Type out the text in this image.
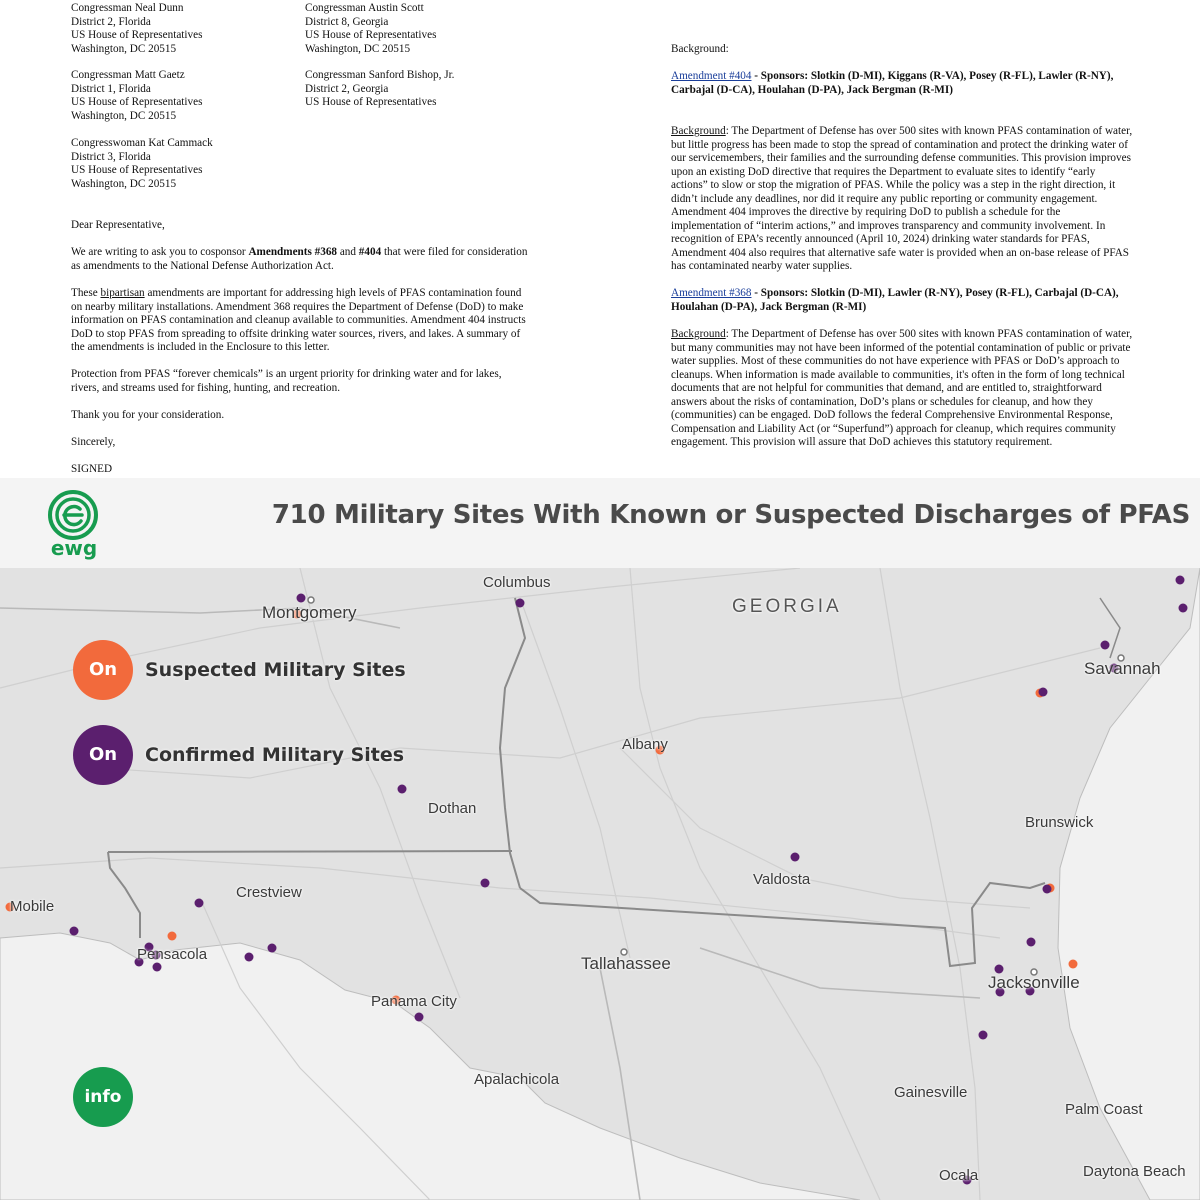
Congressman Neal Dunn
District 2, Florida
US House of Representatives
Washington, DC 20515
Congressman Matt Gaetz
District 1, Florida
US House of Representatives
Washington, DC 20515
Congresswoman Kat Cammack
District 3, Florida
US House of Representatives
Washington, DC 20515
Congressman Austin Scott
District 8, Georgia
US House of Representatives
Washington, DC 20515
Congressman Sanford Bishop, Jr.
District 2, Georgia
US House of Representatives
Dear Representative,
We are writing to ask you to cosponsor Amendments #368 and #404 that were filed for consideration as amendments to the National Defense Authorization Act.
These bipartisan amendments are important for addressing high levels of PFAS contamination found on nearby military installations. Amendment 368 requires the Department of Defense (DoD) to make information on PFAS contamination and cleanup available to communities. Amendment 404 instructs DoD to stop PFAS from spreading to offsite drinking water sources, rivers, and lakes. A summary of the amendments is included in the Enclosure to this letter.
Protection from PFAS “forever chemicals” is an urgent priority for drinking water and for lakes, rivers, and streams used for fishing, hunting, and recreation.
Thank you for your consideration.
Sincerely,
SIGNED
Background:
Amendment #404 - Sponsors: Slotkin (D-MI), Kiggans (R-VA), Posey (R-FL), Lawler (R-NY), Carbajal (D-CA), Houlahan (D-PA), Jack Bergman (R-MI)
Background: The Department of Defense has over 500 sites with known PFAS contamination of water, but little progress has been made to stop the spread of contamination and protect the drinking water of our servicemembers, their families and the surrounding defense communities. This provision improves upon an existing DoD directive that requires the Department to evaluate sites to identify “early actions” to slow or stop the migration of PFAS. While the policy was a step in the right direction, it didn’t include any deadlines, nor did it require any public reporting or community engagement. Amendment 404 improves the directive by requiring DoD to publish a schedule for the implementation of “interim actions,” and improves transparency and community involvement. In recognition of EPA’s recently announced (April 10, 2024) drinking water standards for PFAS, Amendment 404 also requires that alternative safe water is provided when an on-base release of PFAS has contaminated nearby water supplies.
Amendment #368 - Sponsors: Slotkin (D-MI), Lawler (R-NY), Posey (R-FL), Carbajal (D-CA), Houlahan (D-PA), Jack Bergman (R-MI)
Background: The Department of Defense has over 500 sites with known PFAS contamination of water, but many communities may not have been informed of the potential contamination of public or private water supplies. Most of these communities do not have experience with PFAS or DoD’s approach to cleanups. When information is made available to communities, it's often in the form of long technical documents that are not helpful for communities that demand, and are entitled to, straightforward answers about the risks of contamination, DoD’s plans or schedules for cleanup, and how they (communities) can be engaged. DoD follows the federal Comprehensive Environmental Response, Compensation and Liability Act (or “Superfund”) approach for cleanup, which requires community engagement. This provision will assure that DoD achieves this statutory requirement.
ewg
710 Military Sites With Known or Suspected Discharges of PFAS
GEORGIA
Columbus
Montgomery
Savannah
Albany
Dothan
Brunswick
Valdosta
Crestview
Mobile
Pensacola	Tallahassee
Jacksonville
Panama City
Apalachicola
Gainesville
Palm Coast
Ocala	Daytona Beach
On	Suspected Military Sites
On	Confirmed Military Sites
info
